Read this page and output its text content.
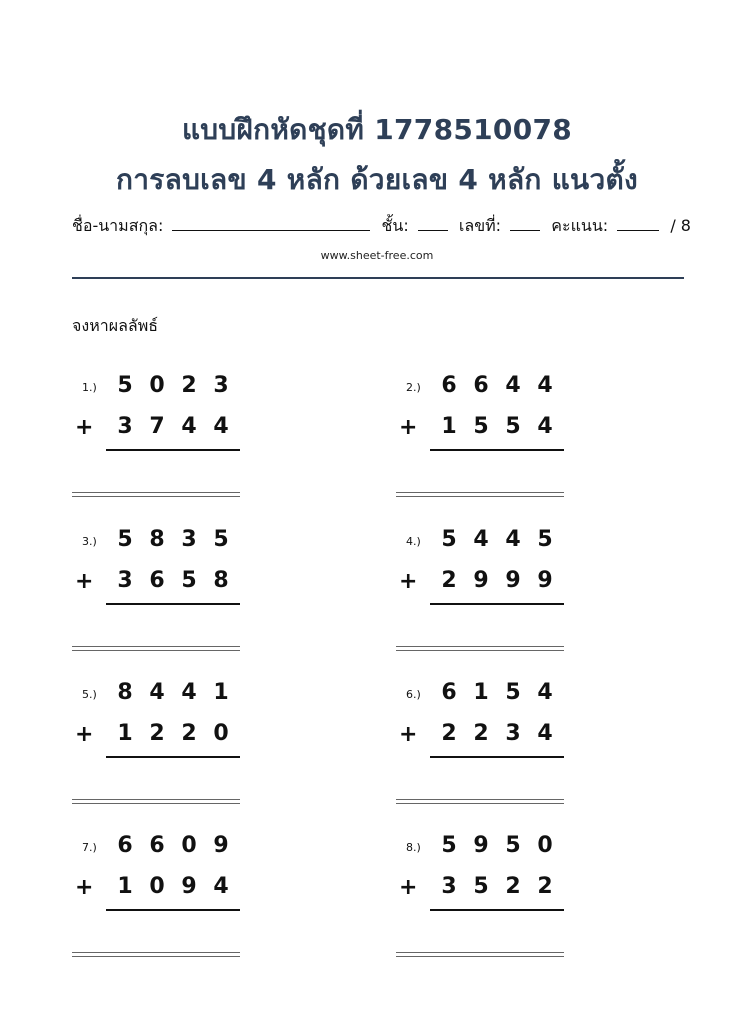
แบบฝึกหัดชุดที่ 1778510078
การลบเลข 4 หลัก ด้วยเลข 4 หลัก แนวตั้ง
ชื่อ-นามสกุล:	ชั้น:	เลขที่:	คะแนน:	/ 8
www.sheet-free.com
จงหาผลลัพธ์
1.) 5 0 2 3
+	3 7 4 4
2.) 6 6 4 4
+	1 5 5 4
3.) 5 8 3 5
+	3 6 5 8
4.) 5 4 4 5
+	2 9 9 9
5.) 8 4 4 1
+	1 2 2 0
6.) 6 1 5 4
+	2 2 3 4
7.) 6 6 0 9
+	1 0 9 4
8.) 5 9 5 0
+	3 5 2 2
